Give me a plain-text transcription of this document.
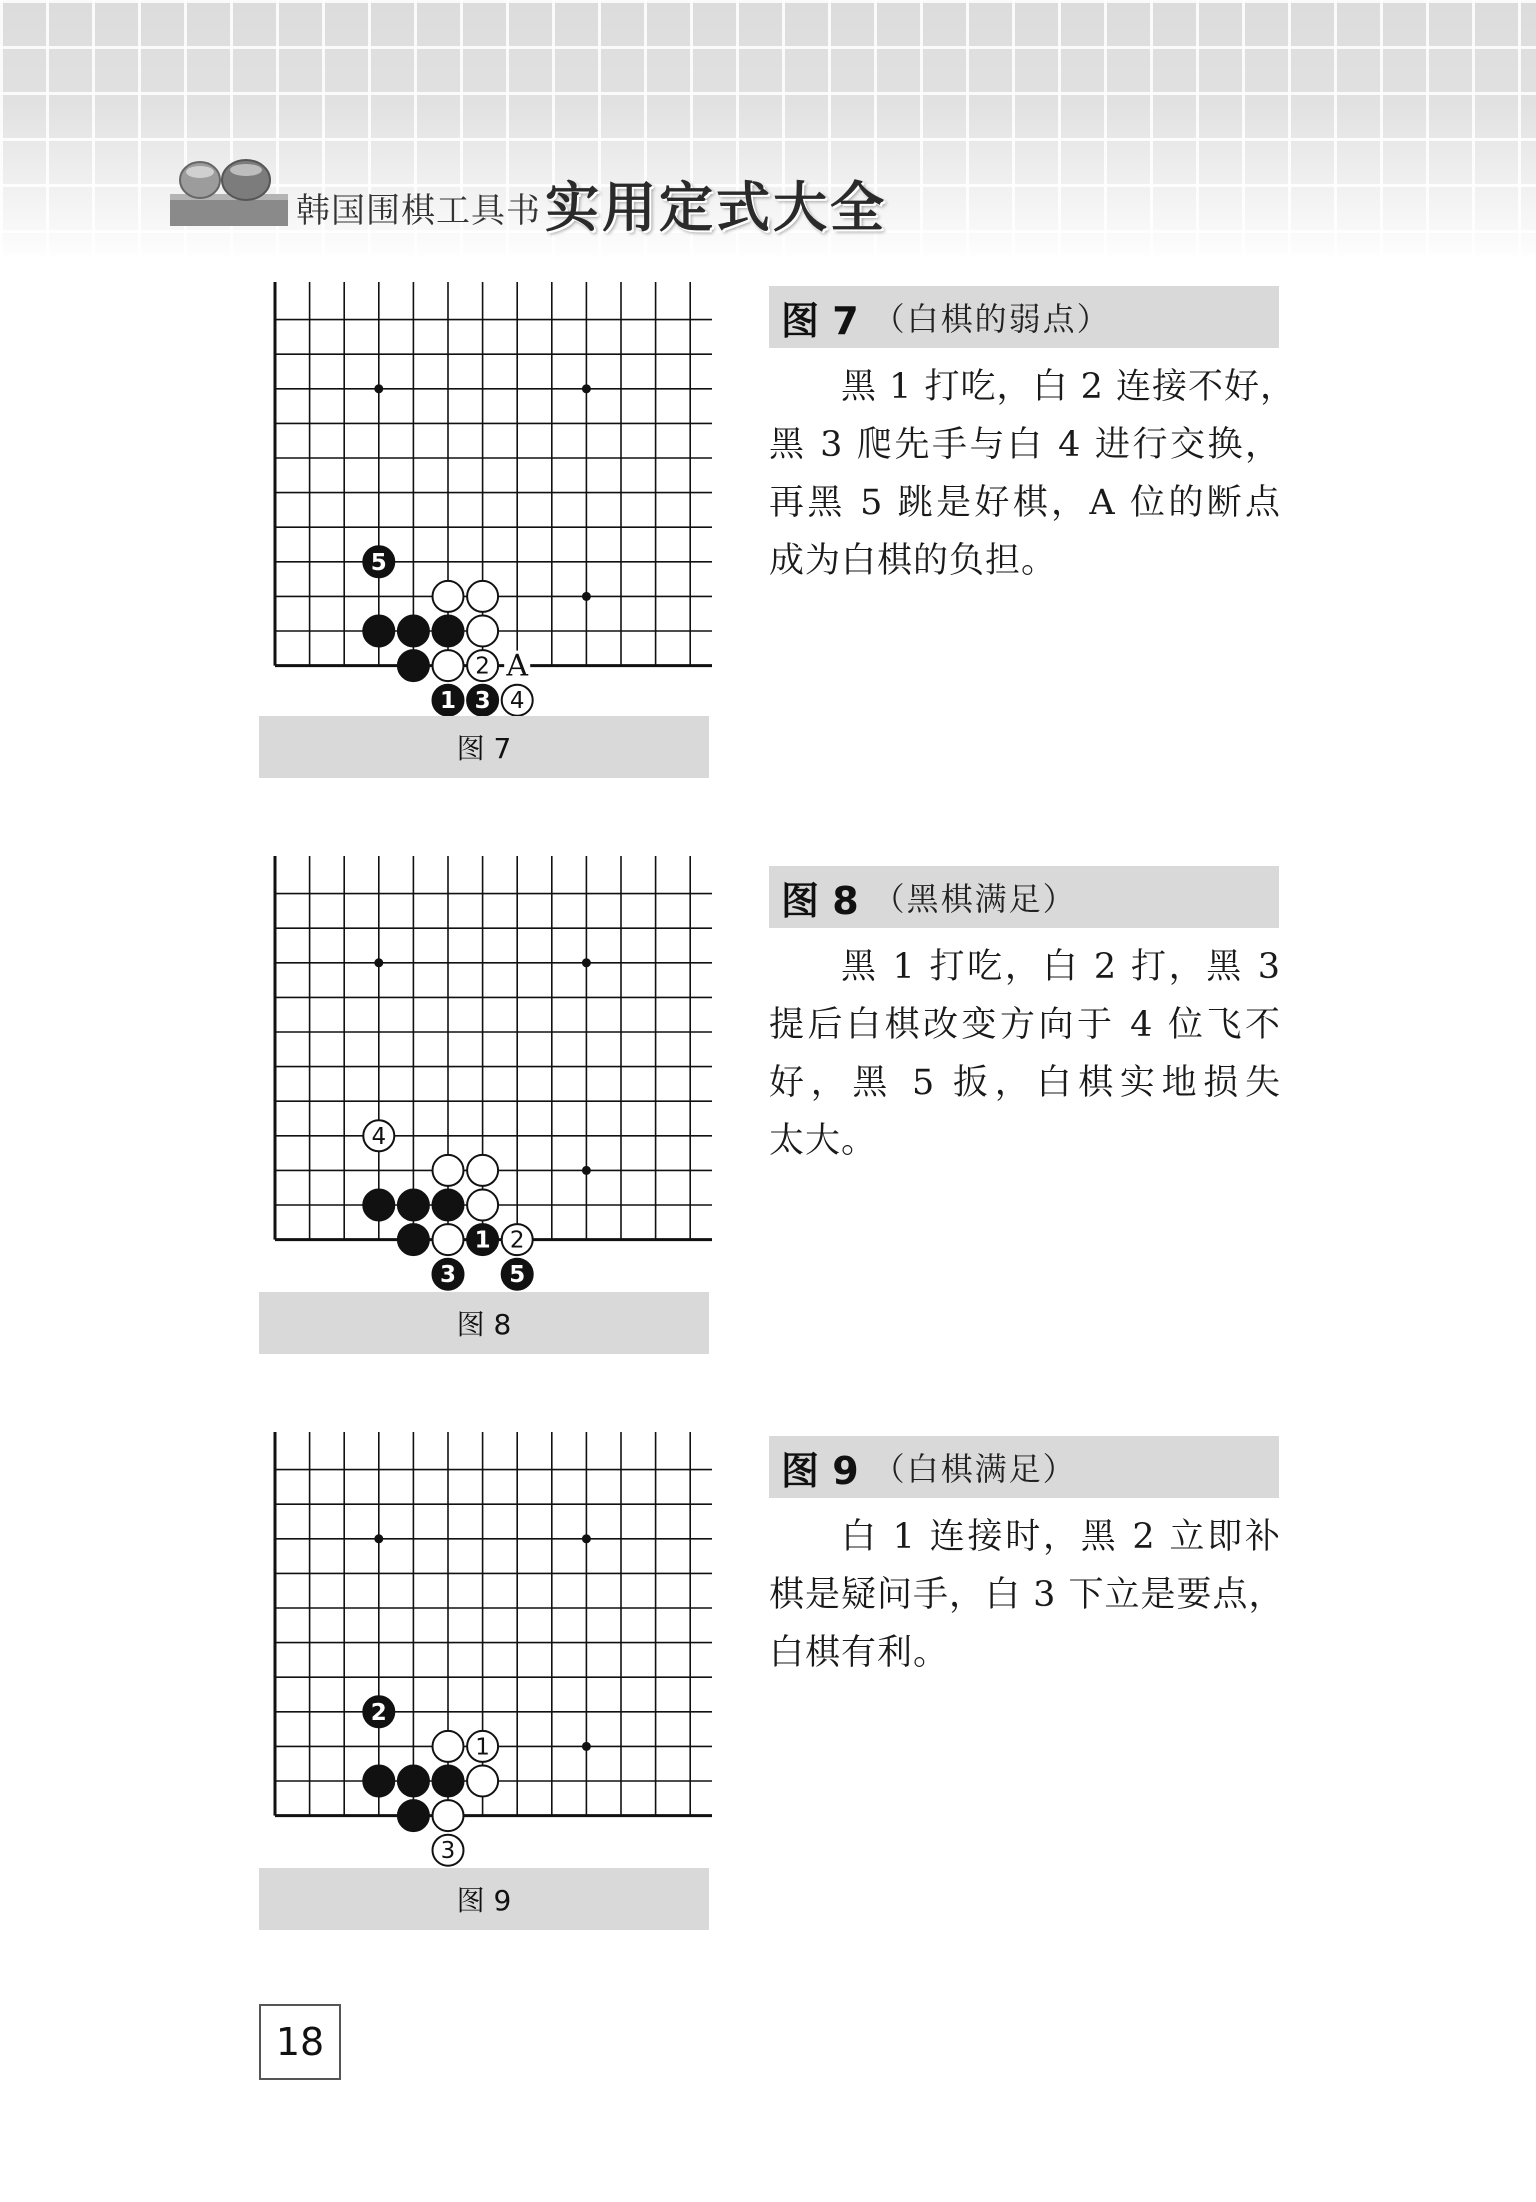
韩国围棋工具书 实用定式大全
2
4
5
1 3
A
图 7
图 7 （白棋的弱点）
黑 1 打吃，白 2 连接不好，
黑 3 爬先手与白 4 进行交换，
再黑 5 跳是好棋，A 位的断点
成为白棋的负担。
4
2
1
3 5
图 8
图 8 （黑棋满足）
黑 1 打吃，白 2 打，黑 3
提后白棋改变方向于 4 位飞不
好，黑 5 扳，白棋实地损失
太大。
1
3
2
图 9
图 9 （白棋满足）
白 1 连接时，黑 2 立即补
棋是疑问手，白 3 下立是要点，
白棋有利。
18
